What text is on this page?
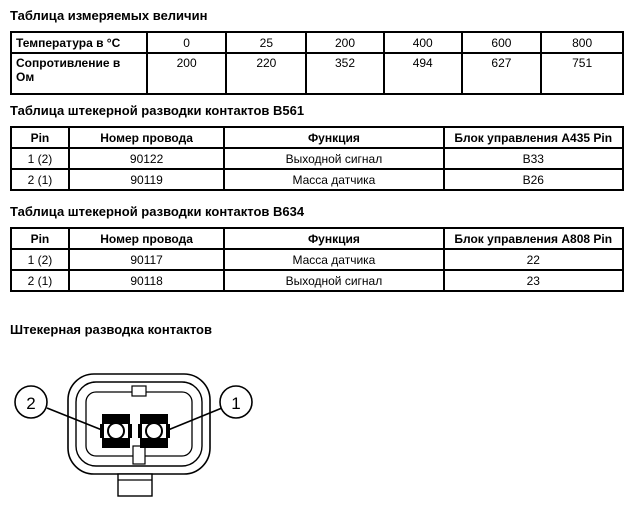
Таблица измеряемых величин
Температура в °C	0	25	200	400	600	800
Сопротивление в
Ом	200	220	352	494	627	751
Таблица штекерной разводки контактов B561
Pin	Номер провода	Функция	Блок управления A435 Pin
1 (2)	90122	Выходной сигнал	B33
2 (1)	90119	Масса датчика	B26
Таблица штекерной разводки контактов B634
Pin	Номер провода	Функция	Блок управления A808 Pin
1 (2)	90117	Масса датчика	22
2 (1)	90118	Выходной сигнал	23
Штекерная разводка контактов
2	1
